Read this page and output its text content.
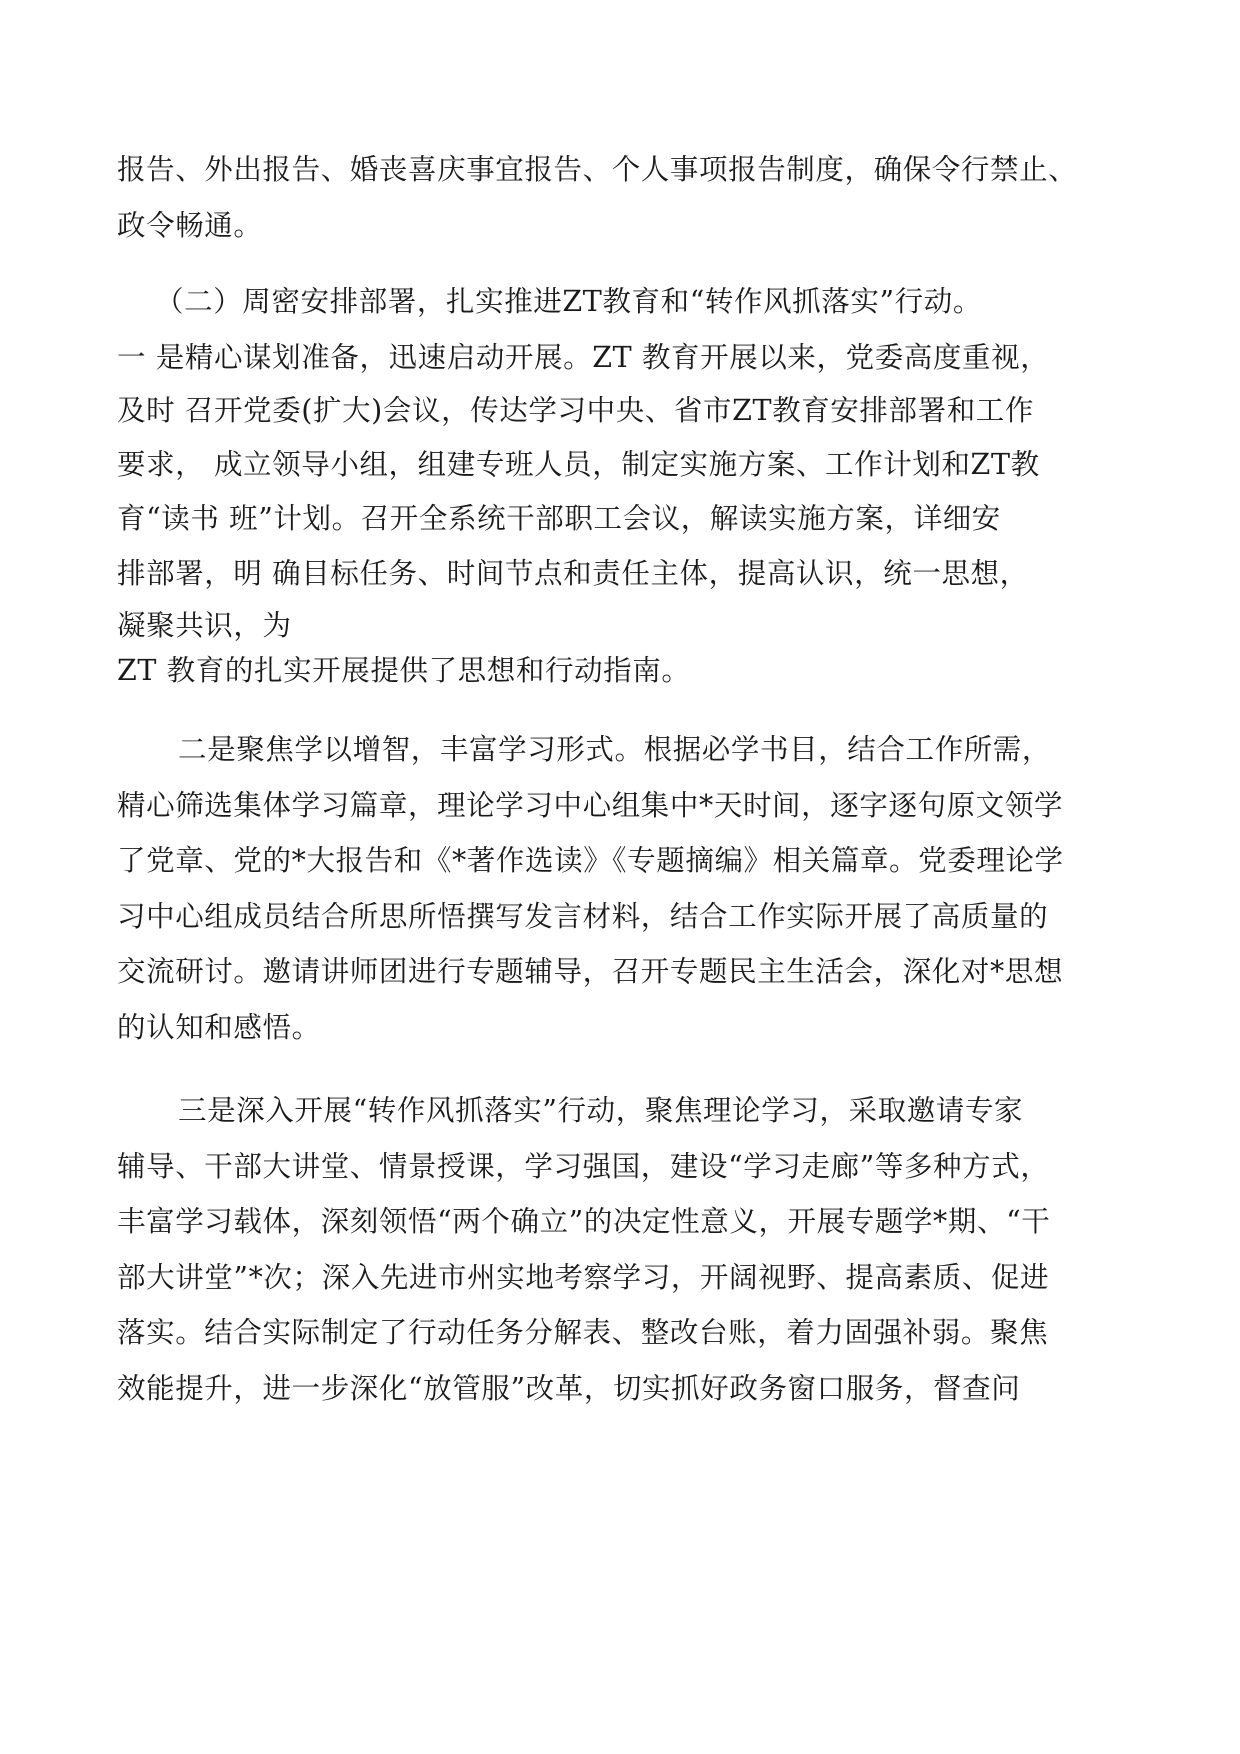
报告、外出报告、婚丧喜庆事宜报告、个人事项报告制度，确保令行禁止、
政令畅通。
（二）周密安排部署，扎实推进ZT教育和“转作风抓落实”行动。
一 是精心谋划准备，迅速启动开展。ZT 教育开展以来，党委高度重视，
及时 召开党委(扩大)会议，传达学习中央、省市ZT教育安排部署和工作
要求， 成立领导小组，组建专班人员，制定实施方案、工作计划和ZT教
育“读书 班”计划。召开全系统干部职工会议，解读实施方案，详细安
排部署，明 确目标任务、时间节点和责任主体，提高认识，统一思想，
凝聚共识，为
ZT 教育的扎实开展提供了思想和行动指南。
二是聚焦学以增智，丰富学习形式。根据必学书目，结合工作所需，
精心筛选集体学习篇章，理论学习中心组集中*天时间，逐字逐句原文领学
了党章、党的*大报告和《*著作选读》《专题摘编》相关篇章。党委理论学
习中心组成员结合所思所悟撰写发言材料，结合工作实际开展了高质量的
交流研讨。邀请讲师团进行专题辅导，召开专题民主生活会，深化对*思想
的认知和感悟。
三是深入开展“转作风抓落实”行动，聚焦理论学习，采取邀请专家
辅导、干部大讲堂、情景授课，学习强国，建设“学习走廊”等多种方式，
丰富学习载体，深刻领悟“两个确立”的决定性意义，开展专题学*期、“干
部大讲堂”*次；深入先进市州实地考察学习，开阔视野、提高素质、促进
落实。结合实际制定了行动任务分解表、整改台账，着力固强补弱。聚焦
效能提升，进一步深化“放管服”改革，切实抓好政务窗口服务，督查问
